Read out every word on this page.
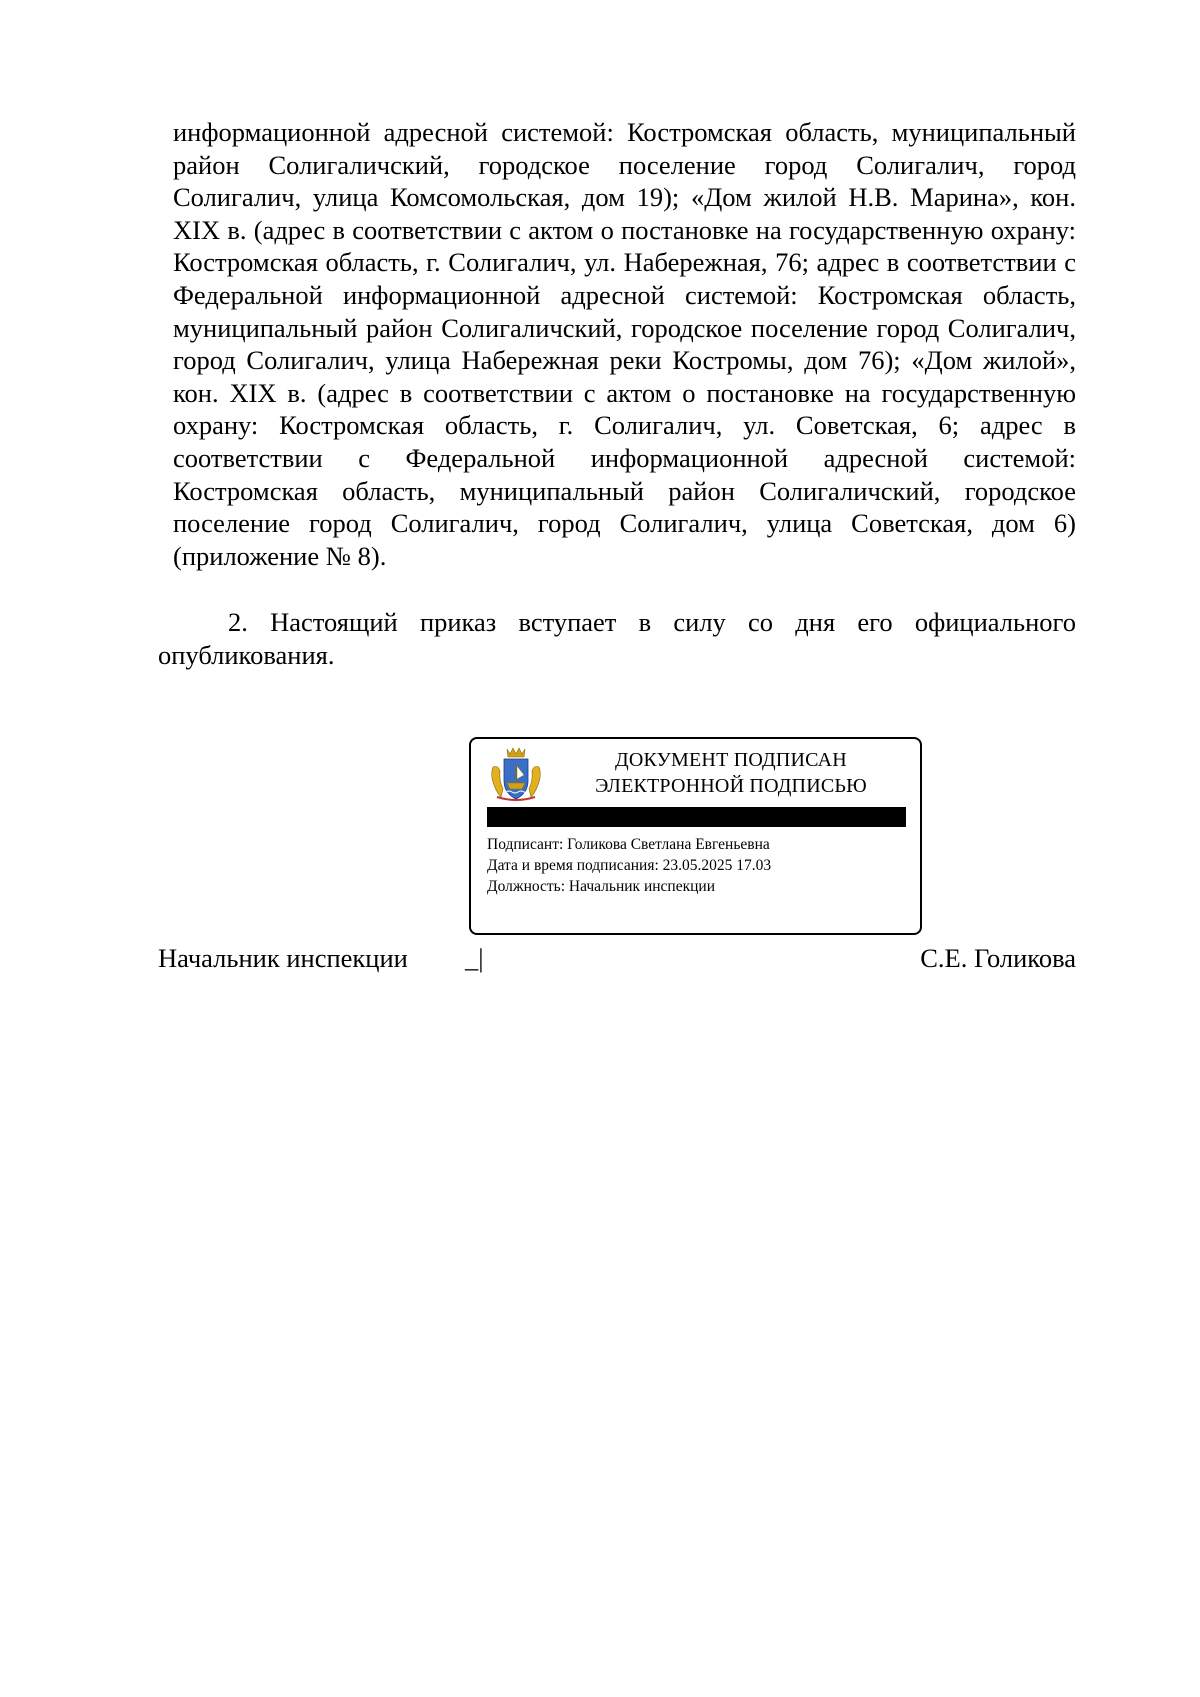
информационной адресной системой: Костромская область, муниципальный район Солигаличский, городское поселение город Солигалич, город Солигалич, улица Комсомольская, дом 19); «Дом жилой Н.В. Марина», кон. XIX в. (адрес в соответствии с актом о постановке на государственную охрану: Костромская область, г. Солигалич, ул. Набережная, 76; адрес в соответствии с Федеральной информационной адресной системой: Костромская область, муниципальный район Солигаличский, городское поселение город Солигалич, город Солигалич, улица Набережная реки Костромы, дом 76); «Дом жилой», кон. XIX в. (адрес в соответствии с актом о постановке на государственную охрану: Костромская область, г. Солигалич, ул. Советская, 6; адрес в соответствии с Федеральной информационной адресной системой: Костромская область, муниципальный район Солигаличский, городское поселение город Солигалич, город Солигалич, улица Советская, дом 6) (приложение № 8).

2. Настоящий приказ вступает в силу со дня его официального опубликования.

ДОКУМЕНТ ПОДПИСАН
ЭЛЕКТРОННОЙ ПОДПИСЬЮ
Подписант: Голикова Светлана Евгеньевна
Дата и время подписания: 23.05.2025 17.03
Должность: Начальник инспекции
Начальник инспекции _|	С.Е. Голикова
